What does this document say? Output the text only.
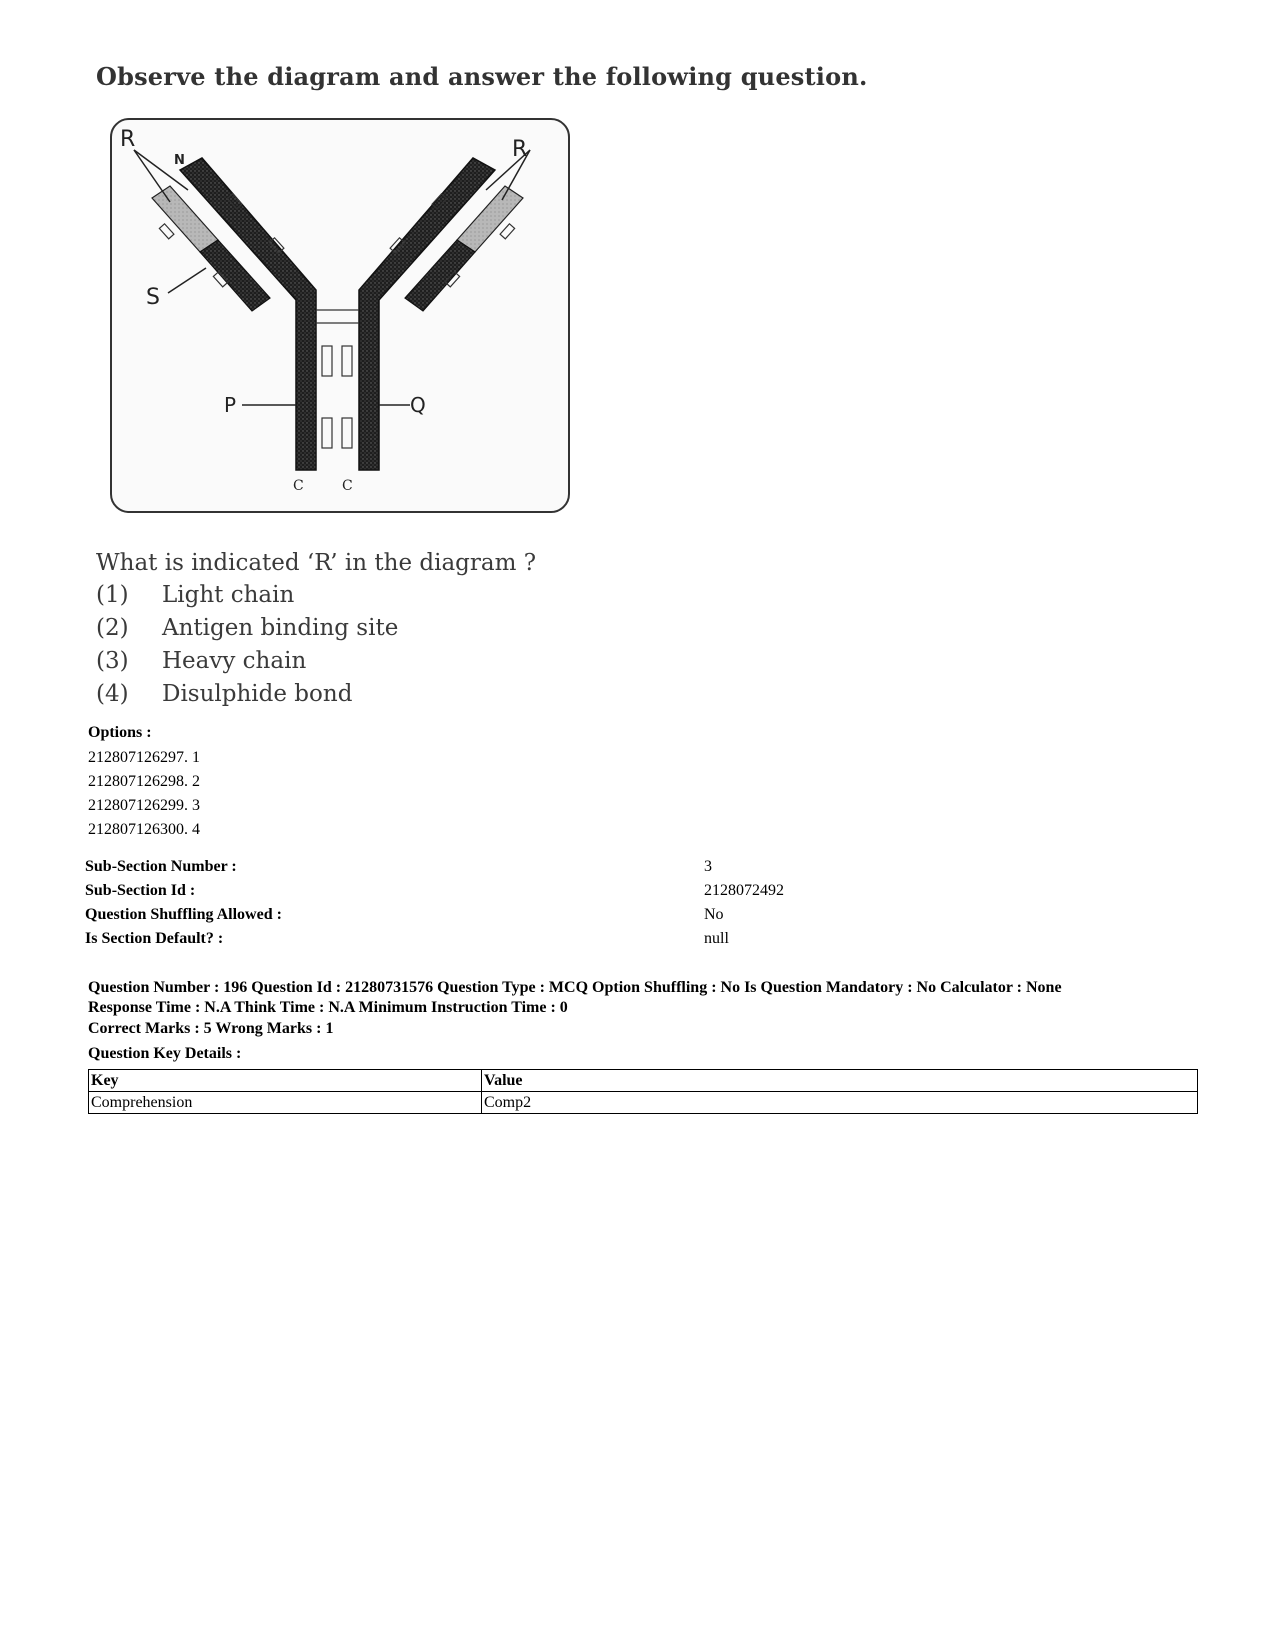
Observe the diagram and answer the following question.
R	R
N
S
P	Q
C	C
What is indicated ‘R’ in the diagram ?
(1) Light chain
(2) Antigen binding site
(3) Heavy chain
(4) Disulphide bond
Options :
212807126297. 1
212807126298. 2
212807126299. 3
212807126300. 4
Sub-Section Number :	3
Sub-Section Id :	2128072492
Question Shuffling Allowed :	No
Is Section Default? :	null
Question Number : 196 Question Id : 21280731576 Question Type : MCQ Option Shuffling : No Is Question Mandatory : No Calculator : None
Response Time : N.A Think Time : N.A Minimum Instruction Time : 0
Correct Marks : 5 Wrong Marks : 1
Question Key Details :
Key	Value
Comprehension	Comp2
